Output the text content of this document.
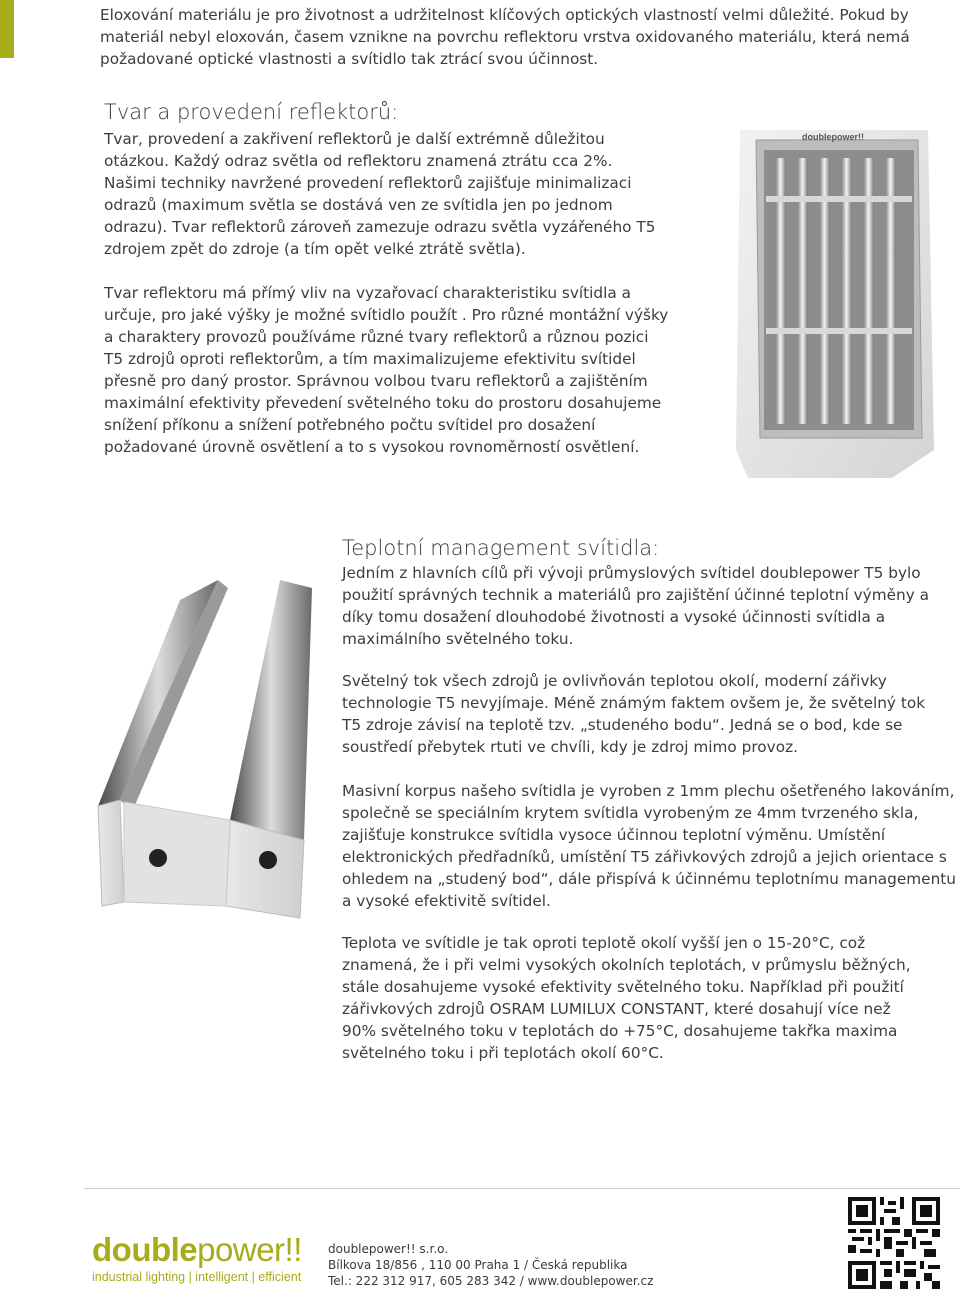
Eloxování materiálu je pro životnost a udržitelnost klíčových optických vlastností velmi důležité. Pokud by materiál nebyl eloxován, časem vznikne na povrchu reflektoru vrstva oxidovaného materiálu, která nemá požadované optické vlastnosti a svítidlo tak ztrácí svou účinnost.

Tvar a provedení reflektorů:

Tvar, provedení a zakřivení reflektorů je další extrémně důležitou otázkou. Každý odraz světla od reflektoru znamená ztrátu cca 2%. Našimi techniky navržené provedení reflektorů zajišťuje minimalizaci odrazů (maximum světla se dostává ven ze svítidla jen po jednom odrazu). Tvar reflektorů zároveň zamezuje odrazu světla vyzářeného T5 zdrojem zpět do zdroje (a tím opět velké ztrátě světla).

Tvar reflektoru má přímý vliv na vyzařovací charakteristiku svítidla a určuje, pro jaké výšky je možné svítidlo použít . Pro různé montážní výšky a charaktery provozů používáme různé tvary reflektorů a různou pozici T5 zdrojů oproti reflektorům, a tím maximalizujeme efektivitu svítidel přesně pro daný prostor. Správnou volbou tvaru reflektorů a zajištěním maximální efektivity převedení světelného toku do prostoru dosahujeme snížení příkonu a snížení potřebného počtu svítidel pro dosažení požadované úrovně osvětlení a to s vysokou rovnoměrností osvětlení.

doublepower!!
Teplotní management svítidla:

Jedním z hlavních cílů při vývoji průmyslových svítidel doublepower T5 bylo použití správných technik a materiálů pro zajištění účinné teplotní výměny a díky tomu dosažení dlouhodobé životnosti a vysoké účinnosti svítidla a maximálního světelného toku.

Světelný tok všech zdrojů je ovlivňován teplotou okolí, moderní zářivky technologie T5 nevyjímaje. Méně známým faktem ovšem je, že světelný tok T5 zdroje závisí na teplotě tzv. „studeného bodu“. Jedná se o bod, kde se soustředí přebytek rtuti ve chvíli, kdy je zdroj mimo provoz.

Masivní korpus našeho svítidla je vyroben z 1mm plechu ošetřeného lakováním, společně se speciálním krytem svítidla vyrobeným ze 4mm tvrzeného skla, zajišťuje konstrukce svítidla vysoce účinnou teplotní výměnu. Umístění elektronických předřadníků, umístění T5 zářivkových zdrojů a jejich orientace s ohledem na „studený bod“, dále přispívá k účinnému teplotnímu managementu a vysoké efektivitě svítidel.

Teplota ve svítidle je tak oproti teplotě okolí vyšší jen o 15-20°C, což znamená, že i při velmi vysokých okolních teplotách, v průmyslu běžných, stále dosahujeme vysoké efektivity světelného toku. Například při použití zářivkových zdrojů OSRAM LUMILUX CONSTANT, které dosahují více než 90% světelného toku v teplotách do +75°C, dosahujeme takřka maxima světelného toku i při teplotách okolí 60°C.

doublepower!!
industrial lighting | intelligent | efficient
doublepower!! s.r.o.
Bílkova 18/856 , 110 00 Praha 1 / Česká republika
Tel.: 222 312 917, 605 283 342 / www.doublepower.cz
